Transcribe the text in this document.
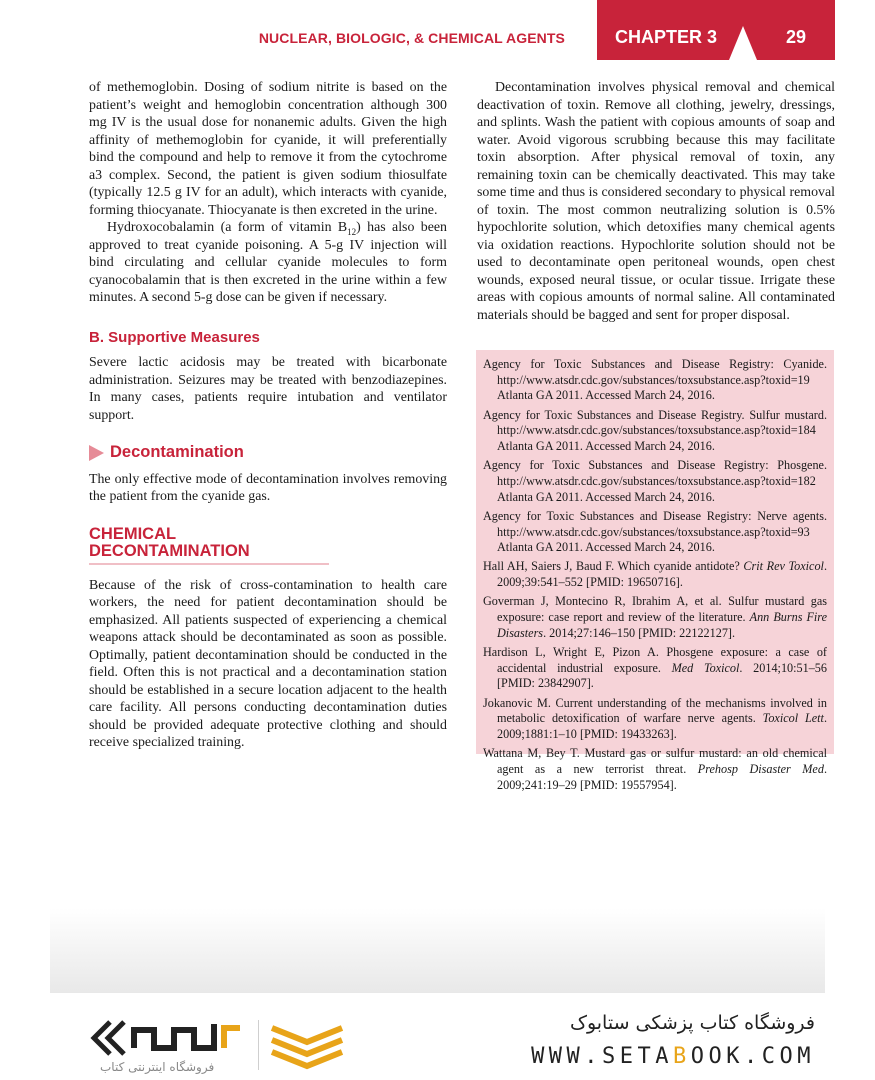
NUCLEAR, BIOLOGIC, & CHEMICAL AGENTS	CHAPTER 3	29

of methemoglobin. Dosing of sodium nitrite is based on the patient’s weight and hemoglobin concentration although 300 mg IV is the usual dose for nonanemic adults. Given the high affinity of methemoglobin for cyanide, it will preferentially bind the compound and help to remove it from the cytochrome a3 complex. Second, the patient is given sodium thiosulfate (typically 12.5 g IV for an adult), which interacts with cyanide, forming thiocyanate. Thiocyanate is then excreted in the urine.

Hydroxocobalamin (a form of vitamin $B_{12}$) has also been approved to treat cyanide poisoning. A 5-g IV injection will bind circulating and cellular cyanide molecules to form cyanocobalamin that is then excreted in the urine within a few minutes. A second 5-g dose can be given if necessary.

B. Supportive Measures

Severe lactic acidosis may be treated with bicarbonate administration. Seizures may be treated with benzodiazepines. In many cases, patients require intubation and ventilator support.

Decontamination

The only effective mode of decontamination involves removing the patient from the cyanide gas.

CHEMICAL DECONTAMINATION

Because of the risk of cross-contamination to health care workers, the need for patient decontamination should be emphasized. All patients suspected of experiencing a chemical weapons attack should be decontaminated as soon as possible. Optimally, patient decontamination should be conducted in the field. Often this is not practical and a decontamination station should be established in a secure location adjacent to the health care facility. All persons conducting decontamination duties should be provided adequate protective clothing and should receive specialized training.

Decontamination involves physical removal and chemical deactivation of toxin. Remove all clothing, jewelry, dressings, and splints. Wash the patient with copious amounts of soap and water. Avoid vigorous scrubbing because this may facilitate toxin absorption. After physical removal of toxin, any remaining toxin can be chemically deactivated. This may take some time and thus is considered secondary to physical removal of toxin. The most common neutralizing solution is 0.5% hypochlorite solution, which detoxifies many chemical agents via oxidation reactions. Hypochlorite solution should not be used to decontaminate open peritoneal wounds, open chest wounds, exposed neural tissue, or ocular tissue. Irrigate these areas with copious amounts of normal saline. All contaminated materials should be bagged and sent for proper disposal.

Agency for Toxic Substances and Disease Registry: Cyanide. http://www.atsdr.cdc.gov/substances/toxsubstance.asp?toxid=19 Atlanta GA 2011. Accessed March 24, 2016.
Agency for Toxic Substances and Disease Registry. Sulfur mustard. http://www.atsdr.cdc.gov/substances/toxsubstance.asp?toxid=184 Atlanta GA 2011. Accessed March 24, 2016.
Agency for Toxic Substances and Disease Registry: Phosgene. http://www.atsdr.cdc.gov/substances/toxsubstance.asp?toxid=182 Atlanta GA 2011. Accessed March 24, 2016.
Agency for Toxic Substances and Disease Registry: Nerve agents. http://www.atsdr.cdc.gov/substances/toxsubstance.asp?toxid=93 Atlanta GA 2011. Accessed March 24, 2016.
Hall AH, Saiers J, Baud F. Which cyanide antidote? Crit Rev Toxicol. 2009;39:541–552 [PMID: 19650716].
Goverman J, Montecino R, Ibrahim A, et al. Sulfur mustard gas exposure: case report and review of the literature. Ann Burns Fire Disasters. 2014;27:146–150 [PMID: 22122127].
Hardison L, Wright E, Pizon A. Phosgene exposure: a case of accidental industrial exposure. Med Toxicol. 2014;10:51–56 [PMID: 23842907].
Jokanovic M. Current understanding of the mechanisms involved in metabolic detoxification of warfare nerve agents. Toxicol Lett. 2009;1881:1–10 [PMID: 19433263].
Wattana M, Bey T. Mustard gas or sulfur mustard: an old chemical agent as a new terrorist threat. Prehosp Disaster Med. 2009;241:19–29 [PMID: 19557954].
فروشگاه اینترنتی کتاب
فروشگاه کتاب پزشکی ستابوک
WWW.SETABOOK.COM
